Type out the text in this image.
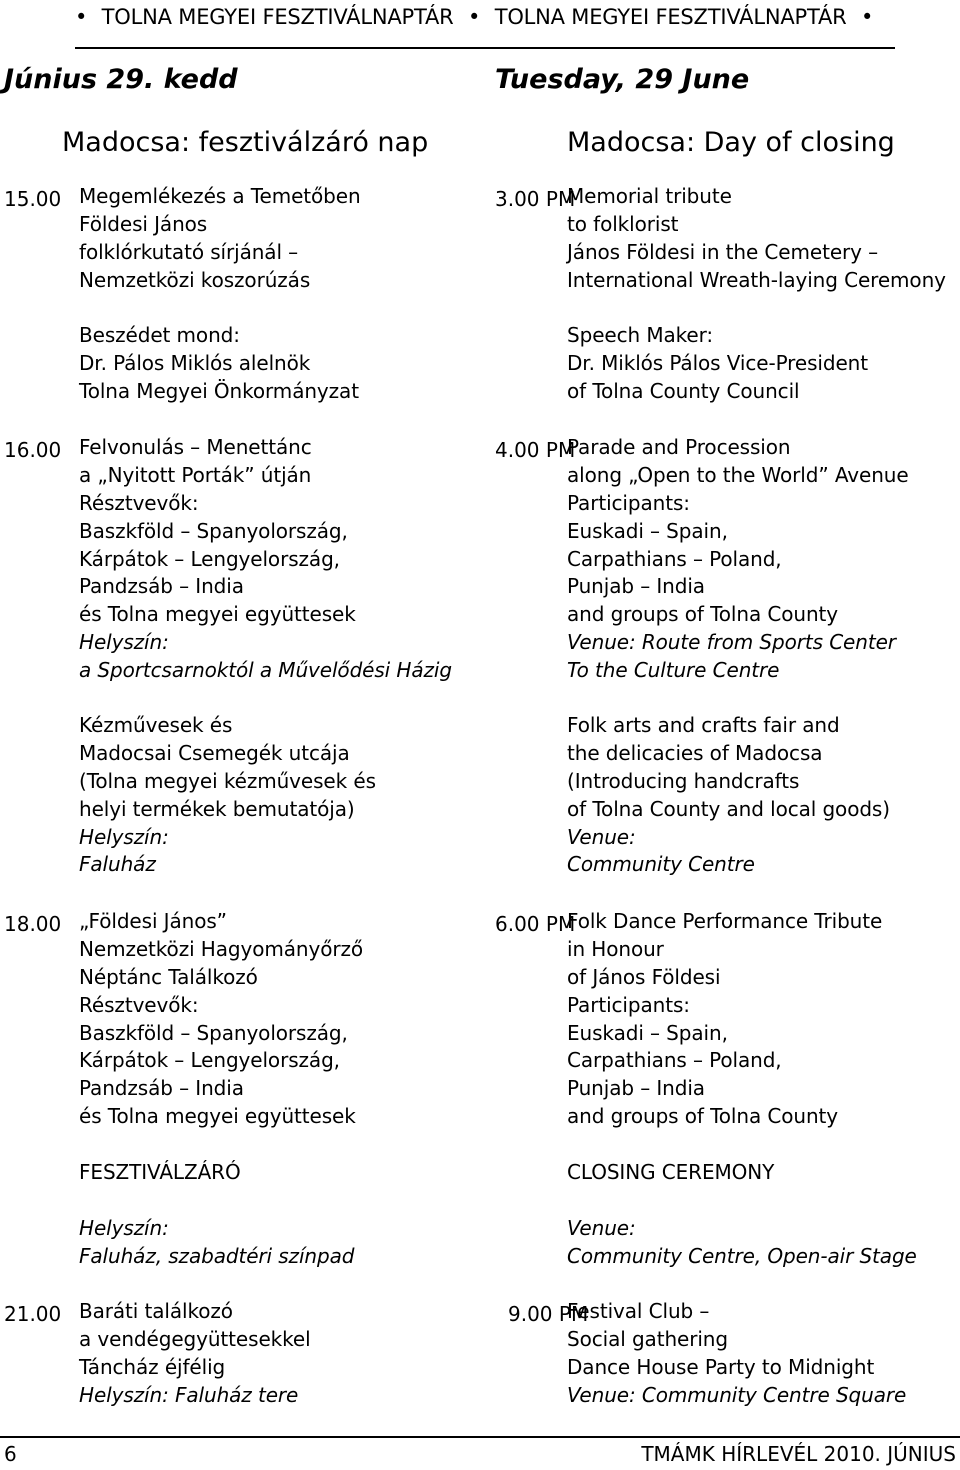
• TOLNA MEGYEI FESZTIVÁLNAPTÁR • TOLNA MEGYEI FESZTIVÁLNAPTÁR •
Június 29. kedd
Madocsa: fesztiválzáró nap
Tuesday, 29 June
Madocsa: Day of closing
15.00 Megemlékezés a Temetőben
Földesi János
folklórkutató sírjánál –
Nemzetközi koszorúzás
Beszédet mond:
Dr. Pálos Miklós alelnök
Tolna Megyei Önkormányzat
16.00 Felvonulás – Menettánc
a „Nyitott Porták” útján
Résztvevők:
Baszkföld – Spanyolország,
Kárpátok – Lengyelország,
Pandzsáb – India
és Tolna megyei együttesek
Helyszín:
a Sportcsarnoktól a Művelődési Házig
Kézművesek és
Madocsai Csemegék utcája
(Tolna megyei kézművesek és
helyi termékek bemutatója)
Helyszín:
Faluház
18.00 „Földesi János”
Nemzetközi Hagyományőrző
Néptánc Találkozó
Résztvevők:
Baszkföld – Spanyolország,
Kárpátok – Lengyelország,
Pandzsáb – India
és Tolna megyei együttesek
FESZTIVÁLZÁRÓ
Helyszín:
Faluház, szabadtéri színpad
21.00 Baráti találkozó
a vendégegyüttesekkel
Táncház éjfélig
Helyszín: Faluház tere
3.00 PM
Memorial tribute
to folklorist
János Földesi in the Cemetery –
International Wreath-laying Ceremony
Speech Maker:
Dr. Miklós Pálos Vice-President
of Tolna County Council
4.00 PM
Parade and Procession
along „Open to the World” Avenue
Participants:
Euskadi – Spain,
Carpathians – Poland,
Punjab – India
and groups of Tolna County
Venue: Route from Sports Center
To the Culture Centre
Folk arts and crafts fair and
the delicacies of Madocsa
(Introducing handcrafts
of Tolna County and local goods)
Venue:
Community Centre
6.00 PM
Folk Dance Performance Tribute
in Honour
of János Földesi
Participants:
Euskadi – Spain,
Carpathians – Poland,
Punjab – India
and groups of Tolna County
CLOSING CEREMONY
Venue:
Community Centre, Open-air Stage
9.00 PM
Festival Club –
Social gathering
Dance House Party to Midnight
Venue: Community Centre Square
6	TMÁMK HÍRLEVÉL 2010. JÚNIUS
